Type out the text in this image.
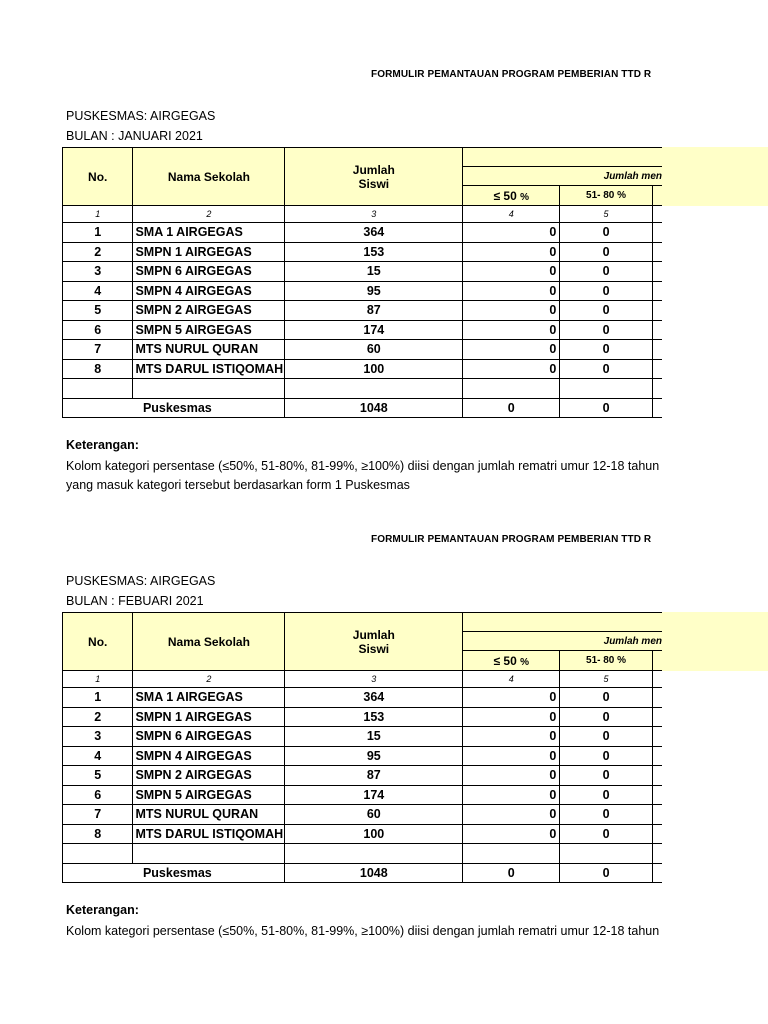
FORMULIR PEMANTAUAN PROGRAM PEMBERIAN TTD R
PUSKESMAS: AIRGEGAS
BULAN : JANUARI 2021
No.	Nama Sekolah	Jumlah
Siswi			

			Jumlah men		
			≤ 50 %	51- 80 %	
1	2	3	4	5	
1	SMA 1 AIRGEGAS	364	0	0	
2	SMPN 1 AIRGEGAS	153	0	0	
3	SMPN 6 AIRGEGAS	15	0	0	
4	SMPN 4 AIRGEGAS	95	0	0	
5	SMPN 2 AIRGEGAS	87	0	0	
6	SMPN 5 AIRGEGAS	174	0	0	
7	MTS NURUL QURAN	60	0	0	
8	MTS DARUL ISTIQOMAH	100	0	0	

	Puskesmas	1048	0	0	
Keterangan:
Kolom kategori persentase (≤50%, 51-80%, 81-99%, ≥100%) diisi dengan jumlah rematri umur 12-18 tahun
yang masuk kategori tersebut berdasarkan form 1 Puskesmas
FORMULIR PEMANTAUAN PROGRAM PEMBERIAN TTD R
PUSKESMAS: AIRGEGAS
BULAN : FEBUARI 2021
No.	Nama Sekolah	Jumlah
Siswi			

			Jumlah men		
			≤ 50 %	51- 80 %	
1	2	3	4	5	
1	SMA 1 AIRGEGAS	364	0	0	
2	SMPN 1 AIRGEGAS	153	0	0	
3	SMPN 6 AIRGEGAS	15	0	0	
4	SMPN 4 AIRGEGAS	95	0	0	
5	SMPN 2 AIRGEGAS	87	0	0	
6	SMPN 5 AIRGEGAS	174	0	0	
7	MTS NURUL QURAN	60	0	0	
8	MTS DARUL ISTIQOMAH	100	0	0	

	Puskesmas	1048	0	0	
Keterangan:
Kolom kategori persentase (≤50%, 51-80%, 81-99%, ≥100%) diisi dengan jumlah rematri umur 12-18 tahun
